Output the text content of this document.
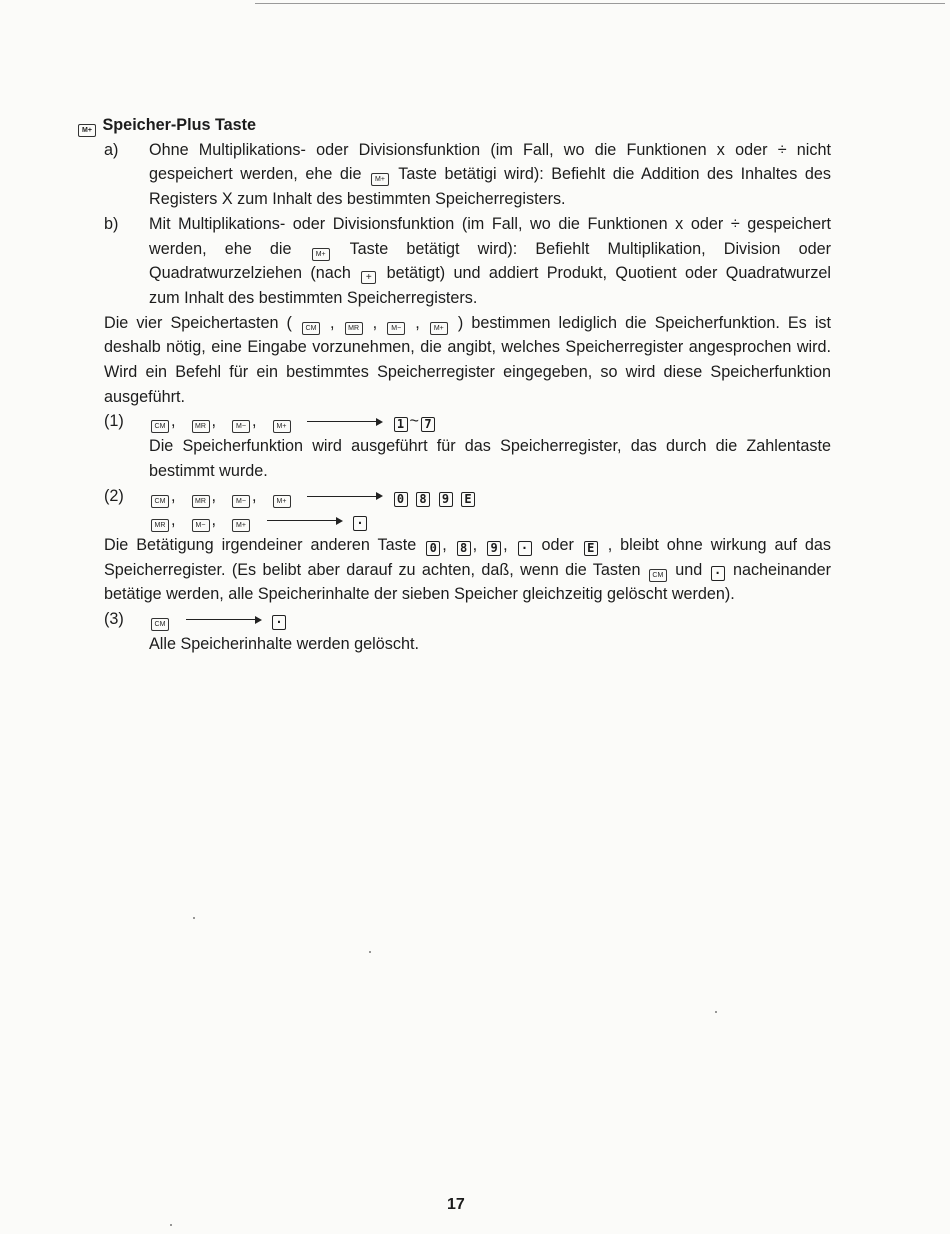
M+ Speicher-Plus Taste
a) Ohne Multiplikations- oder Divisionsfunktion (im Fall, wo die Funktionen x oder ÷ nicht gespeichert werden, ehe die M+ Taste betätigi wird): Befiehlt die Addition des Inhaltes des Registers X zum Inhalt des bestimmten Speicherregisters.
b) Mit Multiplikations- oder Divisionsfunktion (im Fall, wo die Funktionen x oder ÷ gespeichert werden, ehe die	M+ Taste betätigt wird): Befiehlt Multiplikation, Division oder Quadratwurzelziehen (nach + betätigt) und addiert Produkt, Quotient oder Quadratwurzel zum Inhalt des bestimmten Speicherregisters.
Die vier Speichertasten ( CM , MR , M− , M+ ) bestimmen lediglich die Speicherfunktion. Es ist deshalb nötig, eine Eingabe vorzunehmen, die angibt, welches Speicherregister angesprochen wird. Wird ein Befehl für ein bestimmtes Speicherregister eingegeben, so wird diese Speicherfunktion ausgeführt.
(1)	CM ,	MR ,	M− ,	M+	1 ~ 7
Die Speicherfunktion wird ausgeführt für das Speicherregister, das durch die Zahlentaste bestimmt wurde.
(2)	CM ,	MR ,	M− ,	M+	0 8 9 E
MR ,	M− ,	M+	·
Die Betätigung irgendeiner anderen Taste 0 , 8 , 9 , · oder E , bleibt ohne wirkung auf das Speicherregister. (Es belibt aber darauf zu achten, daß, wenn die Tasten CM und · nacheinander betätige werden, alle Speicherinhalte der sieben Speicher gleichzeitig gelöscht werden).
(3)	CM	·
Alle Speicherinhalte werden gelöscht.
17
